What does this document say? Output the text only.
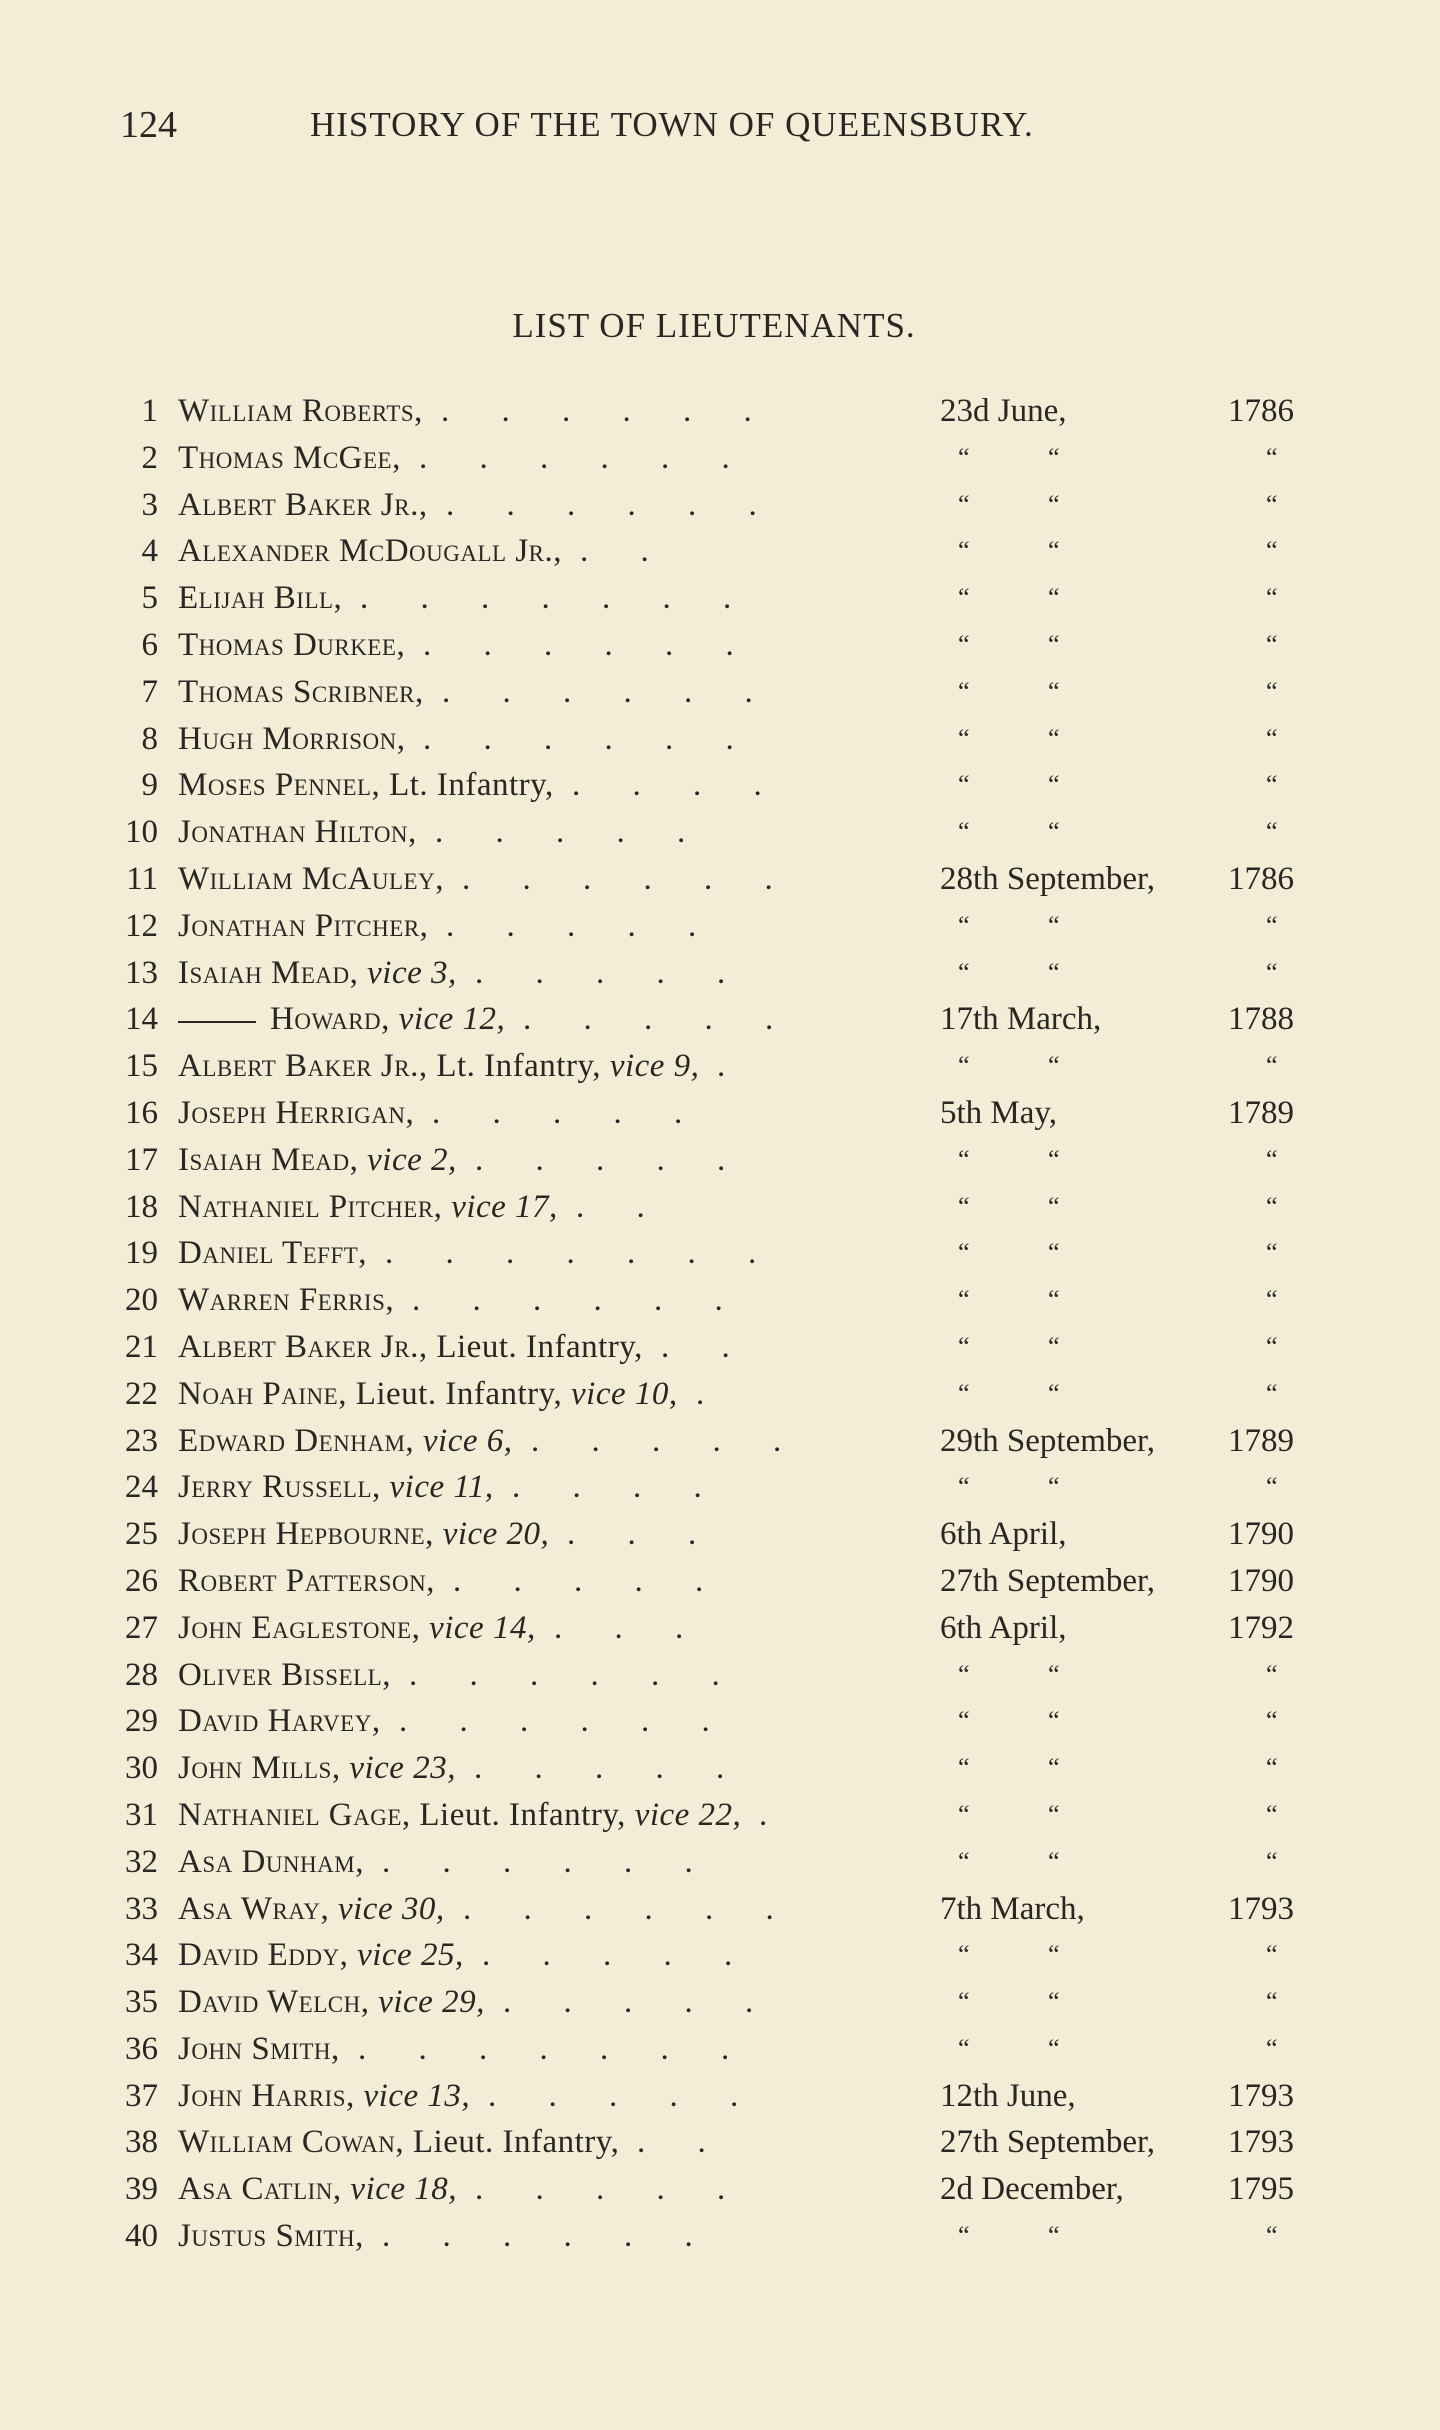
124	HISTORY OF THE TOWN OF QUEENSBURY.
LIST OF LIEUTENANTS.
1 William Roberts, . . . . . .	23d June,	1786
2 Thomas McGee, . . . . . .	“	“	“
3 Albert Baker Jr., . . . . . .	“	“	“
4 Alexander McDougall Jr., . .	“	“	“
5 Elijah Bill, . . . . . . .	“	“	“
6 Thomas Durkee, . . . . . .	“	“	“
7 Thomas Scribner, . . . . . .	“	“	“
8 Hugh Morrison, . . . . . .	“	“	“
9 Moses Pennel, Lt. Infantry, . . . .	“	“	“
10 Jonathan Hilton, . . . . .	“	“	“
11 William McAuley, . . . . . .	28th September, 1786
12 Jonathan Pitcher, . . . . .	“	“	“
13 Isaiah Mead, vice 3, . . . . .	“	“	“
14	Howard, vice 12, . . . . .	17th March,	1788
15 Albert Baker Jr., Lt. Infantry, vice 9, .	“	“	“
16 Joseph Herrigan, . . . . .	5th May,	1789
17 Isaiah Mead, vice 2, . . . . .	“	“	“
18 Nathaniel Pitcher, vice 17, . .	“	“	“
19 Daniel Tefft, . . . . . . .	“	“	“
20 Warren Ferris, . . . . . .	“	“	“
21 Albert Baker Jr., Lieut. Infantry, . .	“	“	“
22 Noah Paine, Lieut. Infantry, vice 10, .	“	“	“
23 Edward Denham, vice 6, . . . . .	29th September, 1789
24 Jerry Russell, vice 11, . . . .	“	“	“
25 Joseph Hepbourne, vice 20, . . .	6th April,	1790
26 Robert Patterson, . . . . .	27th September, 1790
27 John Eaglestone, vice 14, . . .	6th April,	1792
28 Oliver Bissell, . . . . . .	“	“	“
29 David Harvey, . . . . . .	“	“	“
30 John Mills, vice 23, . . . . .	“	“	“
31 Nathaniel Gage, Lieut. Infantry, vice 22, .	“	“	“
32 Asa Dunham, . . . . . .	“	“	“
33 Asa Wray, vice 30, . . . . . .	7th March,	1793
34 David Eddy, vice 25, . . . . .	“	“	“
35 David Welch, vice 29, . . . . .	“	“	“
36 John Smith, . . . . . . .	“	“	“
37 John Harris, vice 13, . . . . .	12th June,	1793
38 William Cowan, Lieut. Infantry, . .	27th September, 1793
39 Asa Catlin, vice 18, . . . . .	2d December,	1795
40 Justus Smith, . . . . . .	“	“	“
